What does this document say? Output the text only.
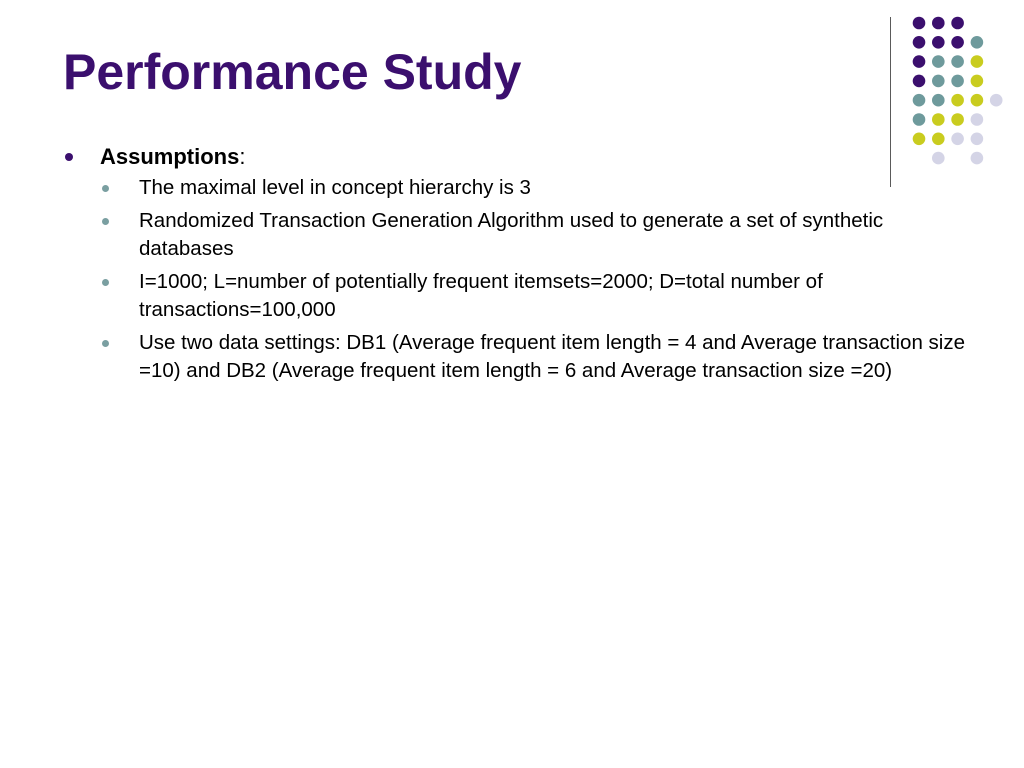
Performance Study
Assumptions:
The maximal level in concept hierarchy is 3
Randomized Transaction Generation Algorithm used to generate a set of synthetic databases
I=1000; L=number of potentially frequent itemsets=2000; D=total number of transactions=100,000
Use two data settings: DB1 (Average frequent item length = 4 and Average transaction size =10) and DB2 (Average frequent item length = 6 and Average transaction size =20)
